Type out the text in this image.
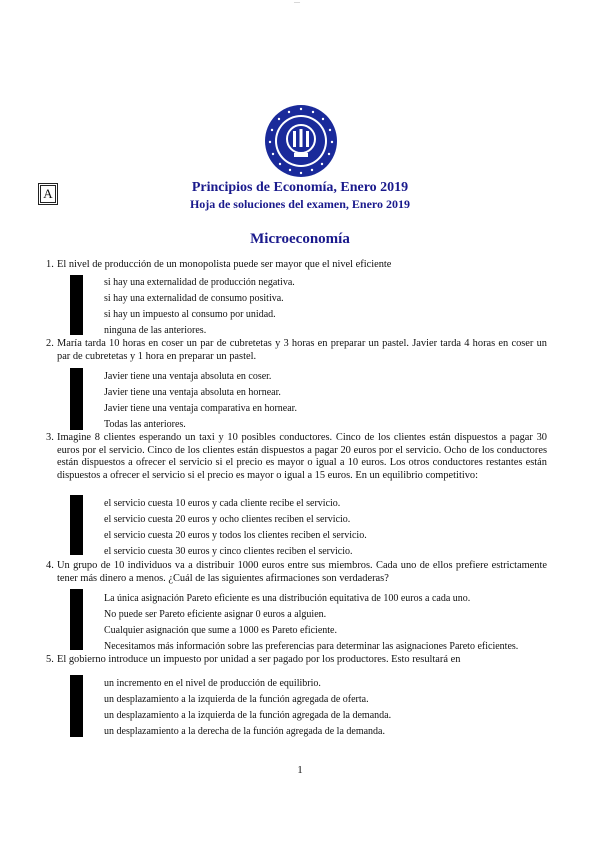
—
A	Principios de Economía, Enero 2019
Hoja de soluciones del examen, Enero 2019
Microeconomía
1. El nivel de producción de un monopolista puede ser mayor que el nivel eficiente
si hay una externalidad de producción negativa.
si hay una externalidad de consumo positiva.
si hay un impuesto al consumo por unidad.
ninguna de las anteriores.
2. María tarda 10 horas en coser un par de cubretetas y 3 horas en preparar un pastel. Javier tarda 4 horas en coser un par de cubretetas y 1 hora en preparar un pastel.
Javier tiene una ventaja absoluta en coser.
Javier tiene una ventaja absoluta en hornear.
Javier tiene una ventaja comparativa en hornear.
Todas las anteriores.
3. Imagine 8 clientes esperando un taxi y 10 posibles conductores. Cinco de los clientes están dispuestos a pagar 30 euros por el servicio. Cinco de los clientes están dispuestos a pagar 20 euros por el servicio. Ocho de los conductores están dispuestos a ofrecer el servicio si el precio es mayor o igual a 10 euros. Los otros conductores restantes están dispuestos a ofrecer el servicio si el precio es mayor o igual a 15 euros. En un equilibrio competitivo:
el servicio cuesta 10 euros y cada cliente recibe el servicio.
el servicio cuesta 20 euros y ocho clientes reciben el servicio.
el servicio cuesta 20 euros y todos los clientes reciben el servicio.
el servicio cuesta 30 euros y cinco clientes reciben el servicio.
4. Un grupo de 10 individuos va a distribuir 1000 euros entre sus miembros. Cada uno de ellos prefiere estrictamente tener más dinero a menos. ¿Cuál de las siguientes afirmaciones son verdaderas?
La única asignación Pareto eficiente es una distribución equitativa de 100 euros a cada uno.
No puede ser Pareto eficiente asignar 0 euros a alguien.
Cualquier asignación que sume a 1000 es Pareto eficiente.
Necesitamos más información sobre las preferencias para determinar las asignaciones Pareto eficientes.
5. El gobierno introduce un impuesto por unidad a ser pagado por los productores. Esto resultará en
un incremento en el nivel de producción de equilibrio.
un desplazamiento a la izquierda de la función agregada de oferta.
un desplazamiento a la izquierda de la función agregada de la demanda.
un desplazamiento a la derecha de la función agregada de la demanda.
1
